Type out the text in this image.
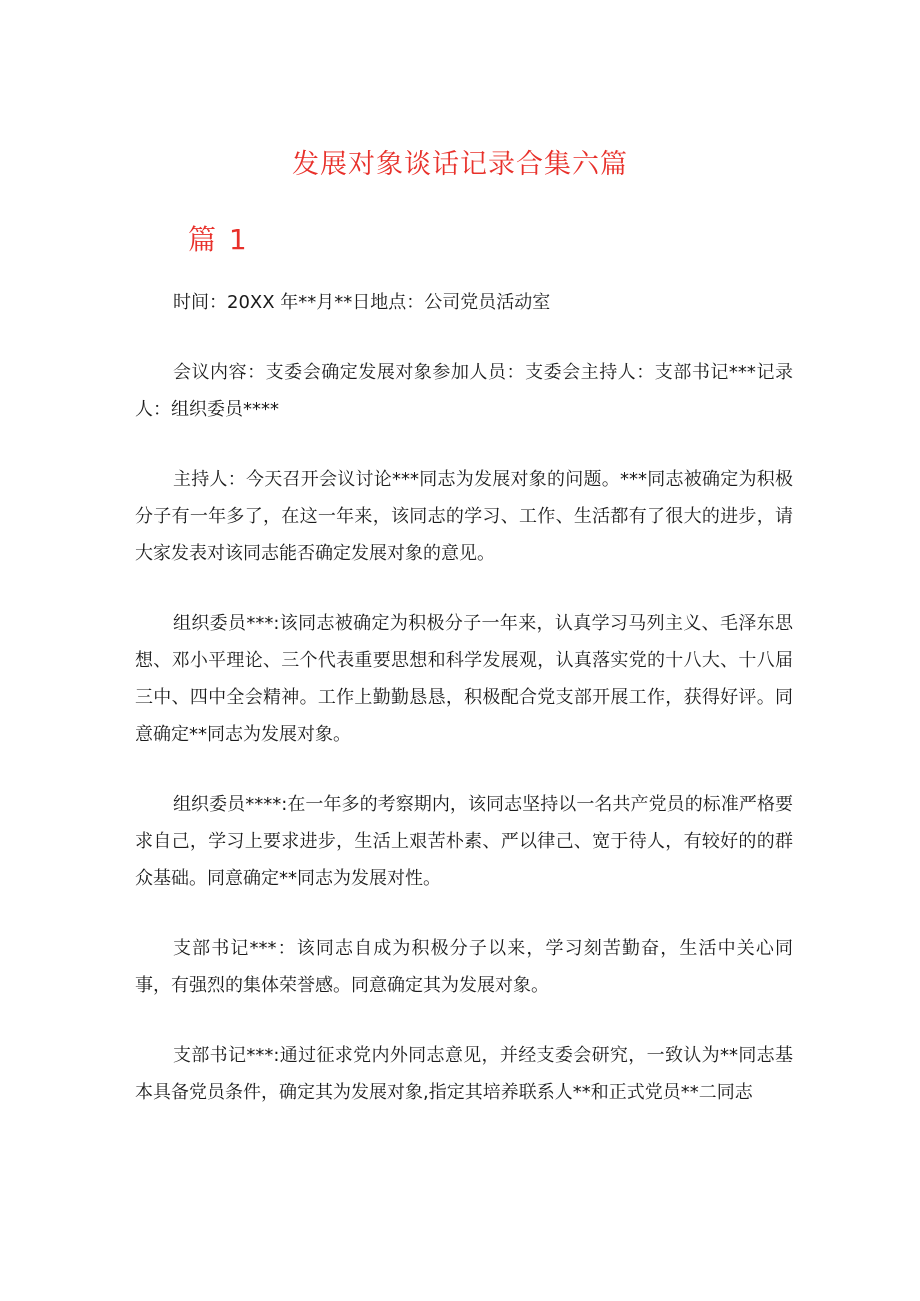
发展对象谈话记录合集六篇
篇 1

时间：20XX 年**月**日地点：公司党员活动室

会议内容：支委会确定发展对象参加人员：支委会主持人：支部书记***记录人：组织委员****

主持人：今天召开会议讨论***同志为发展对象的问题。***同志被确定为积极分子有一年多了，在这一年来，该同志的学习、工作、生活都有了很大的进步，请大家发表对该同志能否确定发展对象的意见。

组织委员***:该同志被确定为积极分子一年来，认真学习马列主义、毛泽东思想、邓小平理论、三个代表重要思想和科学发展观，认真落实党的十八大、十八届三中、四中全会精神。工作上勤勤恳恳，积极配合党支部开展工作，获得好评。同意确定**同志为发展对象。

组织委员****:在一年多的考察期内，该同志坚持以一名共产党员的标准严格要求自己，学习上要求进步，生活上艰苦朴素、严以律己、宽于待人，有较好的的群众基础。同意确定**同志为发展对性。

支部书记***：该同志自成为积极分子以来，学习刻苦勤奋，生活中关心同事，有强烈的集体荣誉感。同意确定其为发展对象。

支部书记***:通过征求党内外同志意见，并经支委会研究，一致认为**同志基本具备党员条件，确定其为发展对象,指定其培养联系人**和正式党员**二同志
